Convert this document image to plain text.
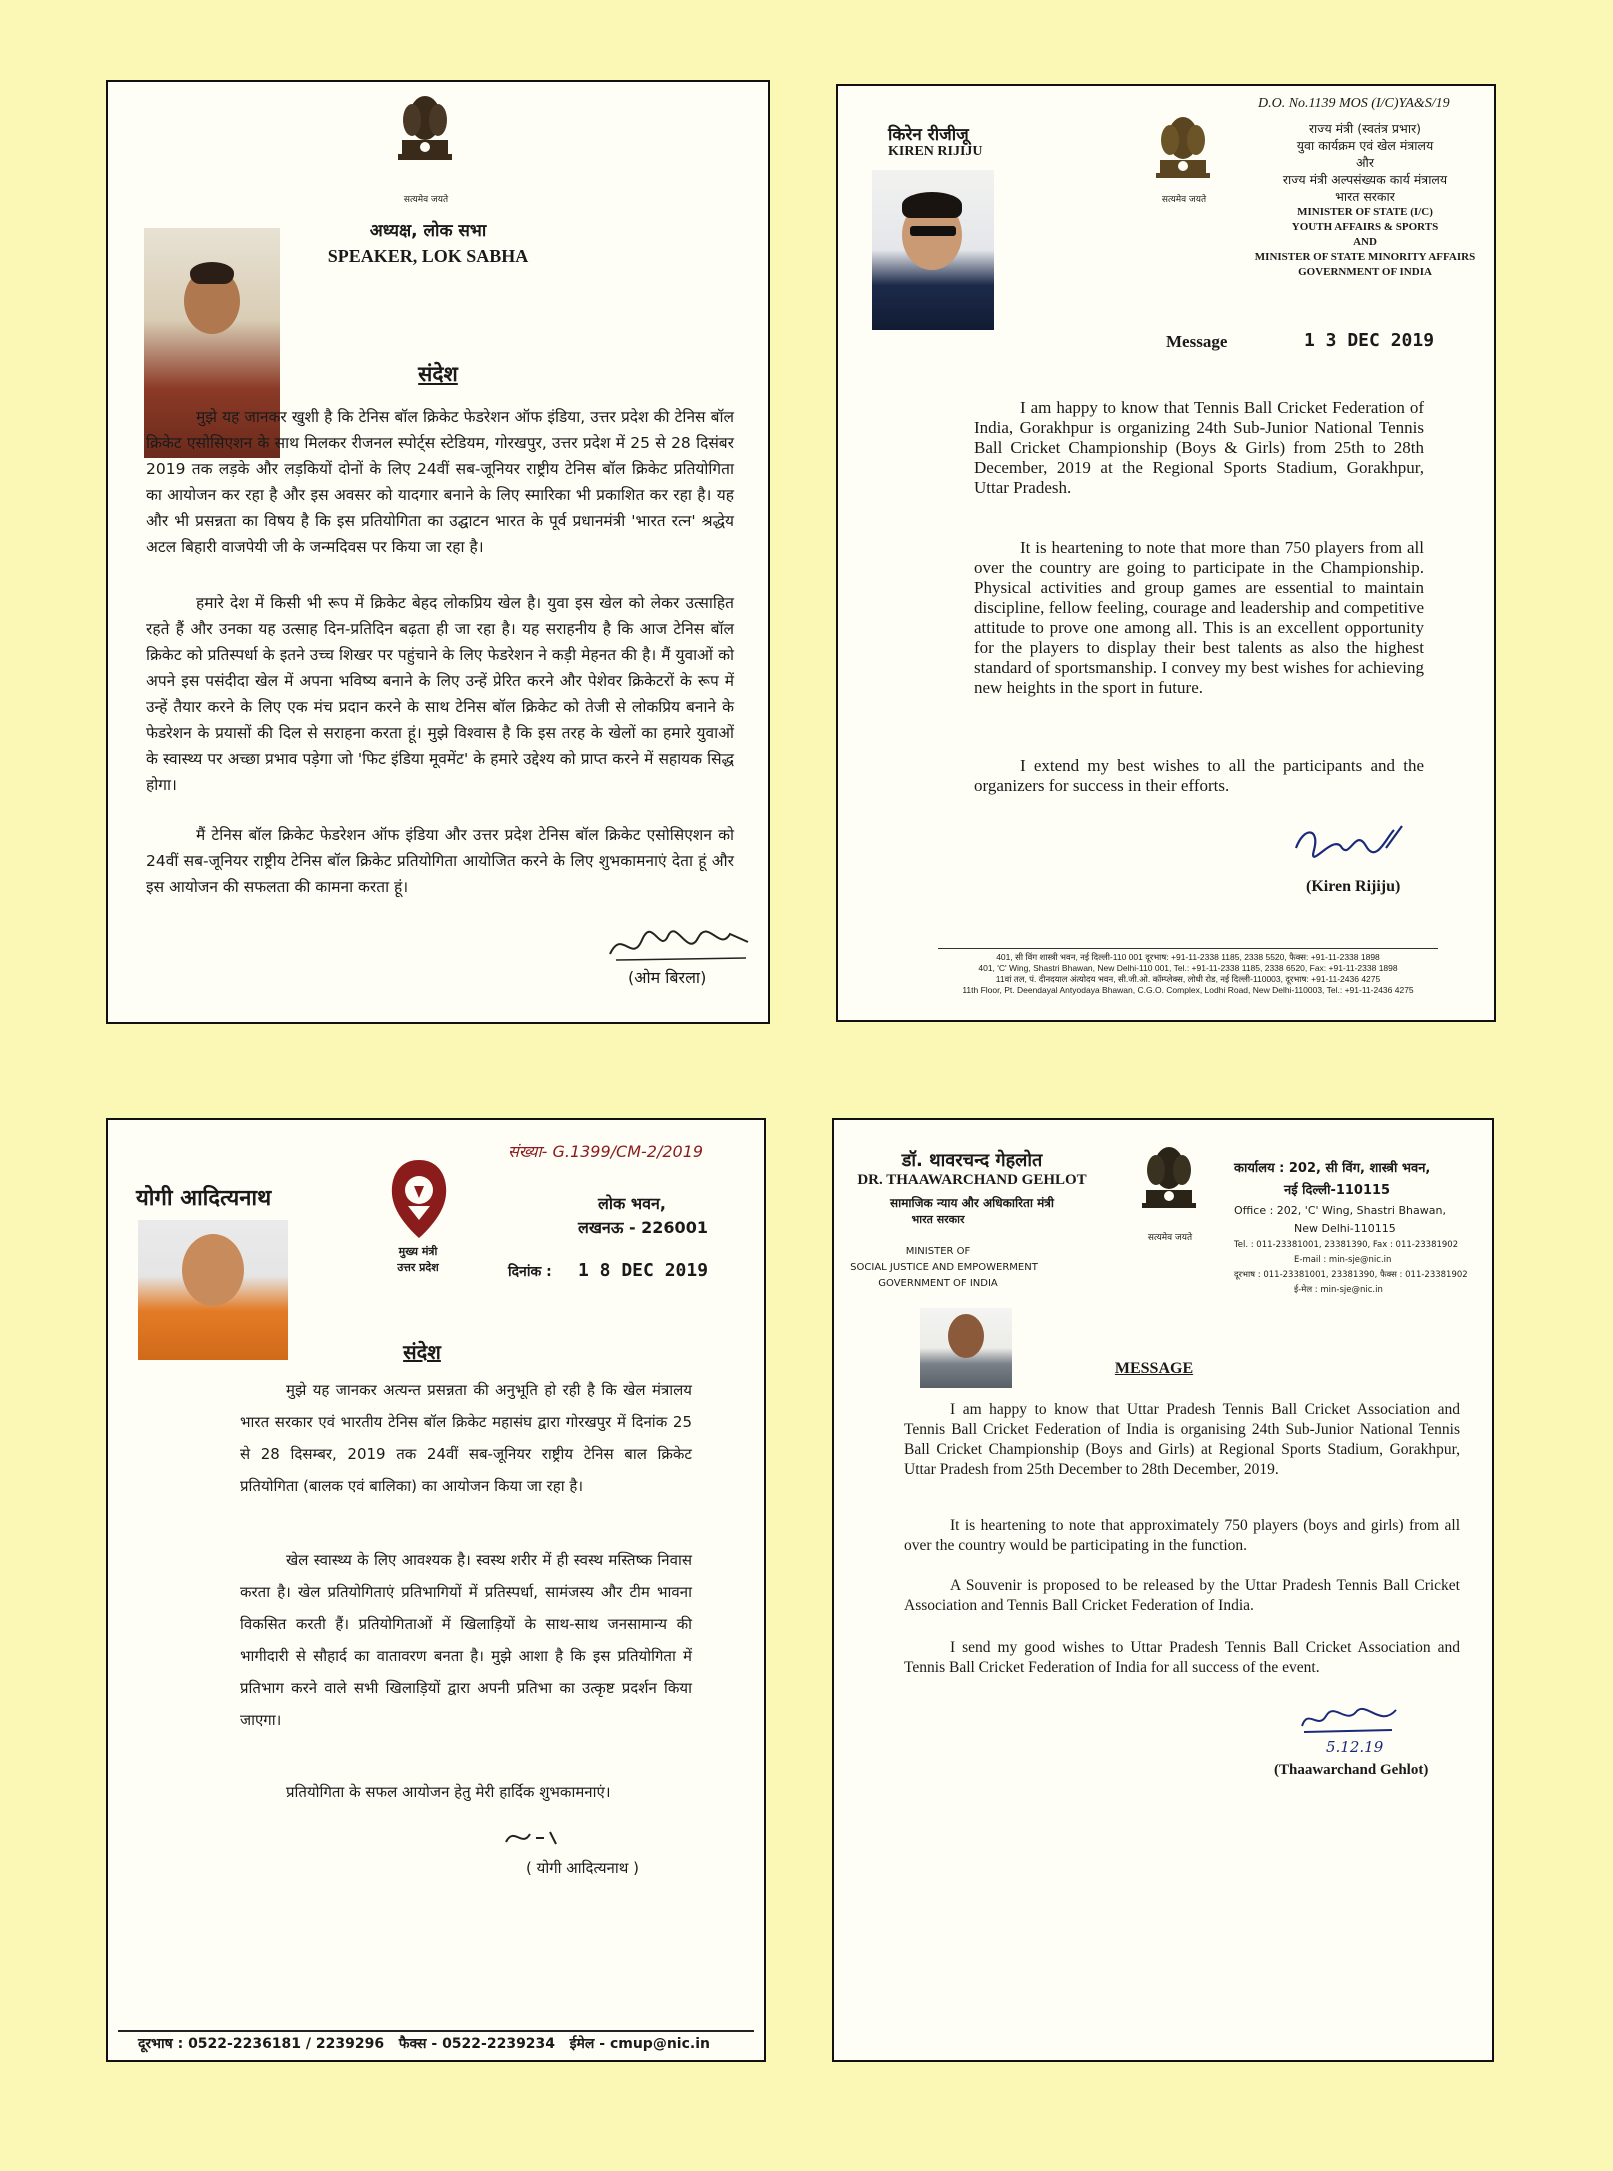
सत्यमेव जयते
अध्यक्ष, लोक सभा
SPEAKER, LOK SABHA
संदेश
मुझे यह जानकर खुशी है कि टेनिस बॉल क्रिकेट फेडरेशन ऑफ इंडिया, उत्तर प्रदेश की टेनिस बॉल क्रिकेट एसोसिएशन के साथ मिलकर रीजनल स्पोर्ट्स स्टेडियम, गोरखपुर, उत्तर प्रदेश में 25 से 28 दिसंबर 2019 तक लड़के और लड़कियों दोनों के लिए 24वीं सब-जूनियर राष्ट्रीय टेनिस बॉल क्रिकेट प्रतियोगिता का आयोजन कर रहा है और इस अवसर को यादगार बनाने के लिए स्मारिका भी प्रकाशित कर रहा है। यह और भी प्रसन्नता का विषय है कि इस प्रतियोगिता का उद्घाटन भारत के पूर्व प्रधानमंत्री 'भारत रत्न' श्रद्धेय अटल बिहारी वाजपेयी जी के जन्मदिवस पर किया जा रहा है।
हमारे देश में किसी भी रूप में क्रिकेट बेहद लोकप्रिय खेल है। युवा इस खेल को लेकर उत्साहित रहते हैं और उनका यह उत्साह दिन-प्रतिदिन बढ़ता ही जा रहा है। यह सराहनीय है कि आज टेनिस बॉल क्रिकेट को प्रतिस्पर्धा के इतने उच्च शिखर पर पहुंचाने के लिए फेडरेशन ने कड़ी मेहनत की है। मैं युवाओं को अपने इस पसंदीदा खेल में अपना भविष्य बनाने के लिए उन्हें प्रेरित करने और पेशेवर क्रिकेटरों के रूप में उन्हें तैयार करने के लिए एक मंच प्रदान करने के साथ टेनिस बॉल क्रिकेट को तेजी से लोकप्रिय बनाने के फेडरेशन के प्रयासों की दिल से सराहना करता हूं। मुझे विश्वास है कि इस तरह के खेलों का हमारे युवाओं के स्वास्थ्य पर अच्छा प्रभाव पड़ेगा जो 'फिट इंडिया मूवमेंट' के हमारे उद्देश्य को प्राप्त करने में सहायक सिद्ध होगा।
मैं टेनिस बॉल क्रिकेट फेडरेशन ऑफ इंडिया और उत्तर प्रदेश टेनिस बॉल क्रिकेट एसोसिएशन को 24वीं सब-जूनियर राष्ट्रीय टेनिस बॉल क्रिकेट प्रतियोगिता आयोजित करने के लिए शुभकामनाएं देता हूं और इस आयोजन की सफलता की कामना करता हूं।
(ओम बिरला)
D.O. No.1139 MOS (I/C)YA&S/19
किरेन रीजीजू
KIREN RIJIJU
सत्यमेव जयते
राज्य मंत्री (स्वतंत्र प्रभार)
युवा कार्यक्रम एवं खेल मंत्रालय
और
राज्य मंत्री अल्पसंख्यक कार्य मंत्रालय
भारत सरकार
MINISTER OF STATE (I/C)
YOUTH AFFAIRS & SPORTS
AND
MINISTER OF STATE MINORITY AFFAIRS
GOVERNMENT OF INDIA
Message	1 3 DEC 2019
I am happy to know that Tennis Ball Cricket Federation of India, Gorakhpur is organizing 24th Sub-Junior National Tennis Ball Cricket Championship (Boys & Girls) from 25th to 28th December, 2019 at the Regional Sports Stadium, Gorakhpur, Uttar Pradesh.
It is heartening to note that more than 750 players from all over the country are going to participate in the Championship. Physical activities and group games are essential to maintain discipline, fellow feeling, courage and leadership and competitive attitude to prove one among all. This is an excellent opportunity for the players to display their best talents as also the highest standard of sportsmanship. I convey my best wishes for achieving new heights in the sport in future.
I extend my best wishes to all the participants and the organizers for success in their efforts.
(Kiren Rijiju)
401, सी विंग शास्त्री भवन, नई दिल्ली-110 001 दूरभाष: +91-11-2338 1185, 2338 5520, फैक्स: +91-11-2338 1898
401, 'C' Wing, Shastri Bhawan, New Delhi-110 001, Tel.: +91-11-2338 1185, 2338 6520, Fax: +91-11-2338 1898
11वां तल, पं. दीनदयाल अंत्योदय भवन, सी.जी.ओ. कॉम्प्लेक्स, लोधी रोड, नई दिल्ली-110003, दूरभाष: +91-11-2436 4275
11th Floor, Pt. Deendayal Antyodaya Bhawan, C.G.O. Complex, Lodhi Road, New Delhi-110003, Tel.: +91-11-2436 4275
संख्या- G.1399/CM-2/2019
योगी आदित्यनाथ
मुख्य मंत्री
उत्तर प्रदेश
लोक भवन,
लखनऊ - 226001
दिनांक : 1 8 DEC 2019
संदेश
मुझे यह जानकर अत्यन्त प्रसन्नता की अनुभूति हो रही है कि खेल मंत्रालय भारत सरकार एवं भारतीय टेनिस बॉल क्रिकेट महासंघ द्वारा गोरखपुर में दिनांक 25 से 28 दिसम्बर, 2019 तक 24वीं सब-जूनियर राष्ट्रीय टेनिस बाल क्रिकेट प्रतियोगिता (बालक एवं बालिका) का आयोजन किया जा रहा है।
खेल स्वास्थ्य के लिए आवश्यक है। स्वस्थ शरीर में ही स्वस्थ मस्तिष्क निवास करता है। खेल प्रतियोगिताएं प्रतिभागियों में प्रतिस्पर्धा, सामंजस्य और टीम भावना विकसित करती हैं। प्रतियोगिताओं में खिलाड़ियों के साथ-साथ जनसामान्य की भागीदारी से सौहार्द का वातावरण बनता है। मुझे आशा है कि इस प्रतियोगिता में प्रतिभाग करने वाले सभी खिलाड़ियों द्वारा अपनी प्रतिभा का उत्कृष्ट प्रदर्शन किया जाएगा।
प्रतियोगिता के सफल आयोजन हेतु मेरी हार्दिक शुभकामनाएं।
( योगी आदित्यनाथ )
दूरभाष : 0522-2236181 / 2239296   फैक्स - 0522-2239234   ईमेल - cmup@nic.in
डॉ. थावरचन्द गेहलोत
DR. THAAWARCHAND GEHLOT
सामाजिक न्याय और अधिकारिता मंत्री
भारत सरकार
MINISTER OF
SOCIAL JUSTICE AND EMPOWERMENT
GOVERNMENT OF INDIA
सत्यमेव जयते
कार्यालय : 202, सी विंग, शास्त्री भवन,
नई दिल्ली-110115
Office : 202, 'C' Wing, Shastri Bhawan,
New Delhi-110115
Tel. : 011-23381001, 23381390, Fax : 011-23381902
E-mail : min-sje@nic.in
दूरभाष : 011-23381001, 23381390, फैक्स : 011-23381902
ई-मेल : min-sje@nic.in
MESSAGE
I am happy to know that Uttar Pradesh Tennis Ball Cricket Association and Tennis Ball Cricket Federation of India is organising 24th Sub-Junior National Tennis Ball Cricket Championship (Boys and Girls) at Regional Sports Stadium, Gorakhpur, Uttar Pradesh from 25th December to 28th December, 2019.
It is heartening to note that approximately 750 players (boys and girls) from all over the country would be participating in the function.
A Souvenir is proposed to be released by the Uttar Pradesh Tennis Ball Cricket Association and Tennis Ball Cricket Federation of India.
I send my good wishes to Uttar Pradesh Tennis Ball Cricket Association and Tennis Ball Cricket Federation of India for all success of the event.
5.12.19
(Thaawarchand Gehlot)
